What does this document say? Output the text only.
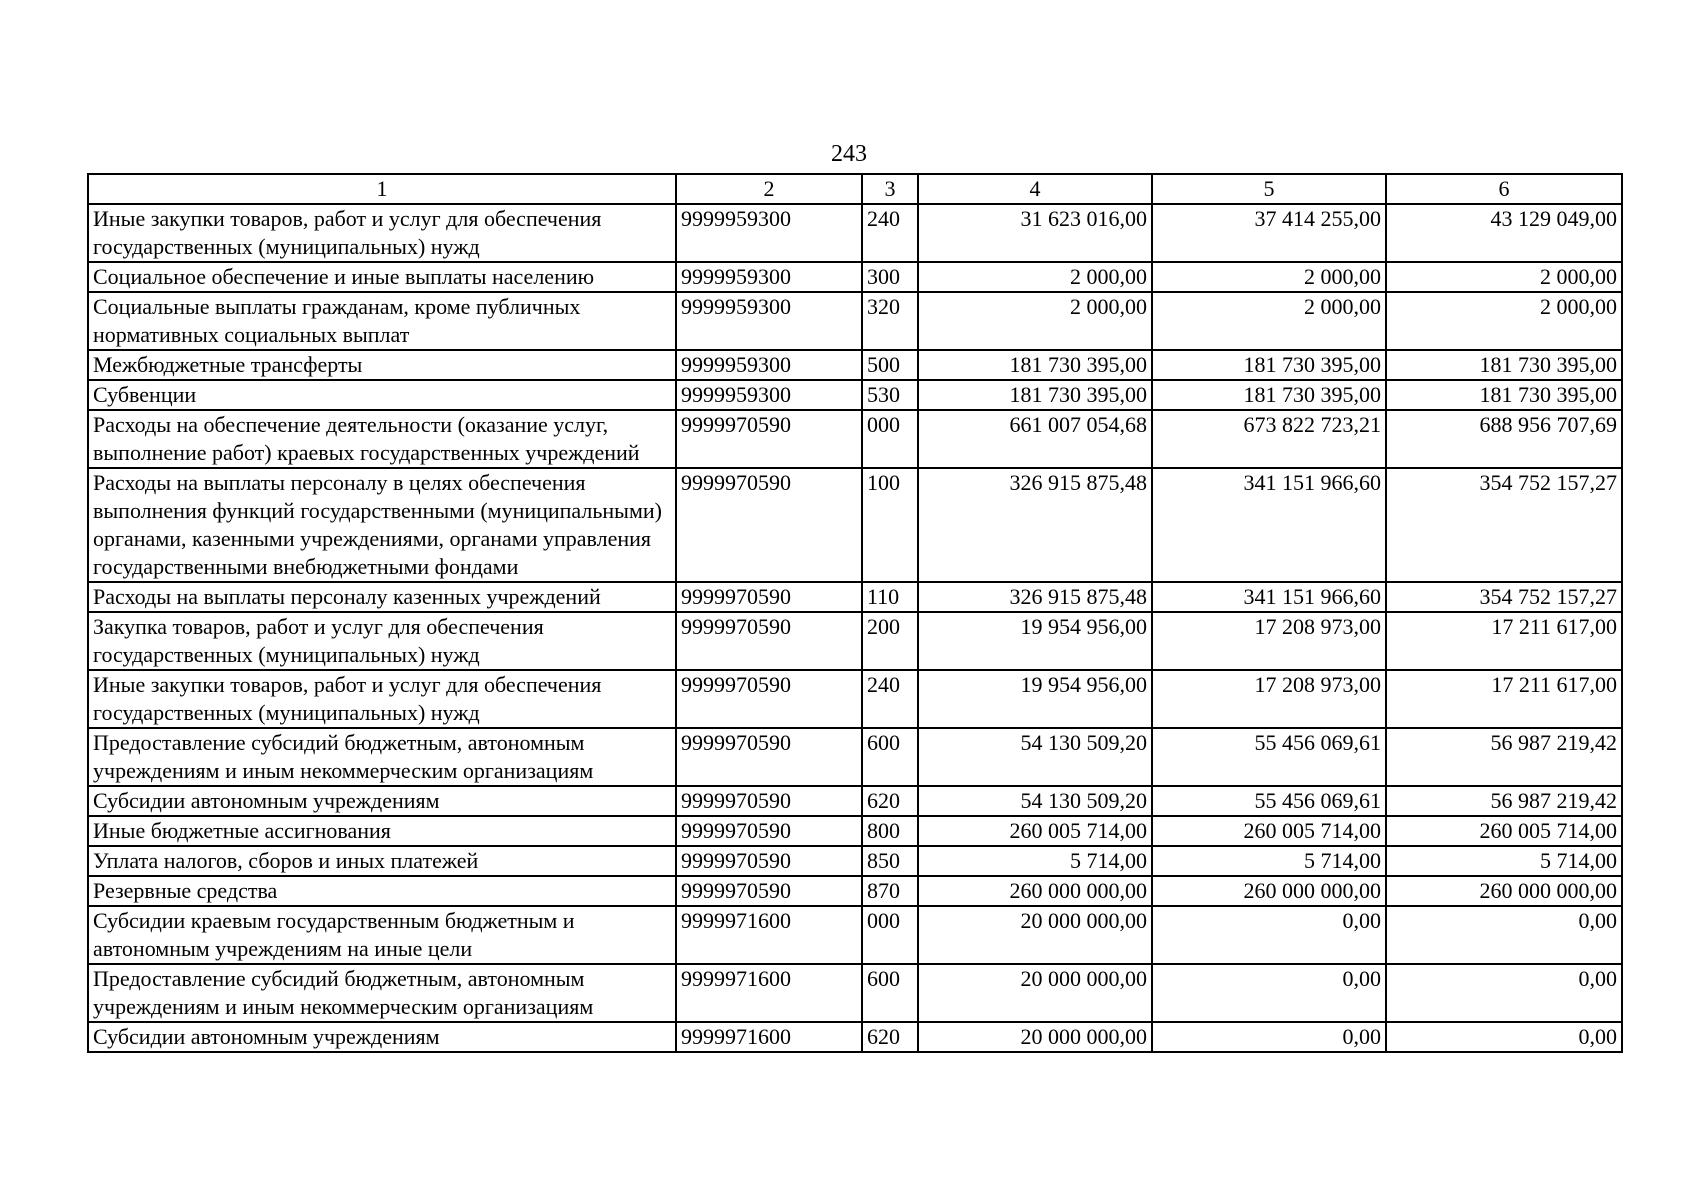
243
1	2	3	4	5	6
Иные закупки товаров, работ и услуг для обеспечения государственных (муниципальных) нужд	9999959300	240	31 623 016,00	37 414 255,00	43 129 049,00
Социальное обеспечение и иные выплаты населению	9999959300	300	2 000,00	2 000,00	2 000,00
Социальные выплаты гражданам, кроме публичных нормативных социальных выплат	9999959300	320	2 000,00	2 000,00	2 000,00
Межбюджетные трансферты	9999959300	500	181 730 395,00	181 730 395,00	181 730 395,00
Субвенции	9999959300	530	181 730 395,00	181 730 395,00	181 730 395,00
Расходы на обеспечение деятельности (оказание услуг, выполнение работ) краевых государственных учреждений	9999970590	000	661 007 054,68	673 822 723,21	688 956 707,69
Расходы на выплаты персоналу в целях обеспечения выполнения функций государственными (муниципальными) органами, казенными учреждениями, органами управления государственными внебюджетными фондами	9999970590	100	326 915 875,48	341 151 966,60	354 752 157,27
Расходы на выплаты персоналу казенных учреждений	9999970590	110	326 915 875,48	341 151 966,60	354 752 157,27
Закупка товаров, работ и услуг для обеспечения государственных (муниципальных) нужд	9999970590	200	19 954 956,00	17 208 973,00	17 211 617,00
Иные закупки товаров, работ и услуг для обеспечения государственных (муниципальных) нужд	9999970590	240	19 954 956,00	17 208 973,00	17 211 617,00
Предоставление субсидий бюджетным, автономным учреждениям и иным некоммерческим организациям	9999970590	600	54 130 509,20	55 456 069,61	56 987 219,42
Субсидии автономным учреждениям	9999970590	620	54 130 509,20	55 456 069,61	56 987 219,42
Иные бюджетные ассигнования	9999970590	800	260 005 714,00	260 005 714,00	260 005 714,00
Уплата налогов, сборов и иных платежей	9999970590	850	5 714,00	5 714,00	5 714,00
Резервные средства	9999970590	870	260 000 000,00	260 000 000,00	260 000 000,00
Субсидии краевым государственным бюджетным и автономным учреждениям на иные цели	9999971600	000	20 000 000,00	0,00	0,00
Предоставление субсидий бюджетным, автономным учреждениям и иным некоммерческим организациям	9999971600	600	20 000 000,00	0,00	0,00
Субсидии автономным учреждениям	9999971600	620	20 000 000,00	0,00	0,00
